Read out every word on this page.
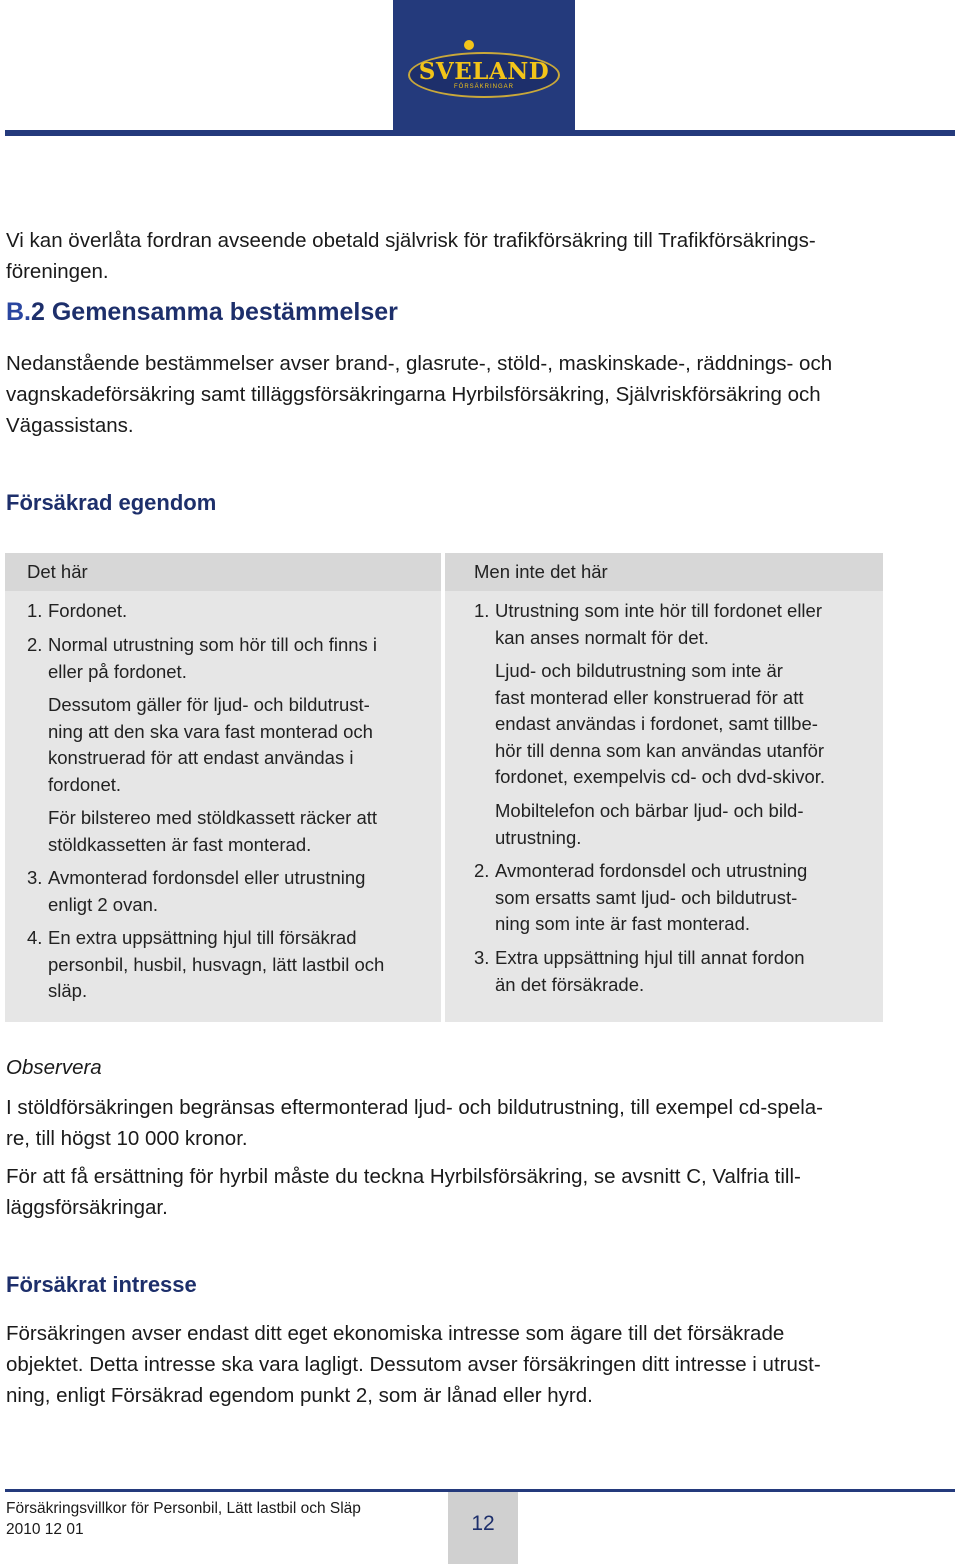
SVELAND
FÖRSÄKRINGAR
Vi kan överlåta fordran avseende obetald självrisk för trafikförsäkring till Trafikförsäkrings-
föreningen.
B.2 Gemensamma bestämmelser
Nedanstående bestämmelser avser brand-, glasrute-, stöld-, maskinskade-, räddnings- och
vagnskadeförsäkring samt tilläggsförsäkringarna Hyrbilsförsäkring, Självriskförsäkring och
Vägassistans.
Försäkrad egendom
Det här
1. Fordonet.
2. Normal utrustning som hör till och finns i
eller på fordonet.
Dessutom gäller för ljud- och bildutrust-
ning att den ska vara fast monterad och
konstruerad för att endast användas i
fordonet.
För bilstereo med stöldkassett räcker att
stöldkassetten är fast monterad.
3. Avmonterad fordonsdel eller utrustning
enligt 2 ovan.
4. En extra uppsättning hjul till försäkrad
personbil, husbil, husvagn, lätt lastbil och
släp.
Men inte det här
1. Utrustning som inte hör till fordonet eller
kan anses normalt för det.
Ljud- och bildutrustning som inte är
fast monterad eller konstruerad för att
endast användas i fordonet, samt tillbe-
hör till denna som kan användas utanför
fordonet, exempelvis cd- och dvd-skivor.
Mobiltelefon och bärbar ljud- och bild-
utrustning.
2. Avmonterad fordonsdel och utrustning
som ersatts samt ljud- och bildutrust-
ning som inte är fast monterad.
3. Extra uppsättning hjul till annat fordon
än det försäkrade.
Observera
I stöldförsäkringen begränsas eftermonterad ljud- och bildutrustning, till exempel cd-spela-
re, till högst 10 000 kronor.
För att få ersättning för hyrbil måste du teckna Hyrbilsförsäkring, se avsnitt C, Valfria till-
läggsförsäkringar.
Försäkrat intresse
Försäkringen avser endast ditt eget ekonomiska intresse som ägare till det försäkrade
objektet. Detta intresse ska vara lagligt. Dessutom avser försäkringen ditt intresse i utrust-
ning, enligt Försäkrad egendom punkt 2, som är lånad eller hyrd.
Försäkringsvillkor för Personbil, Lätt lastbil och Släp
2010 12 01	12
